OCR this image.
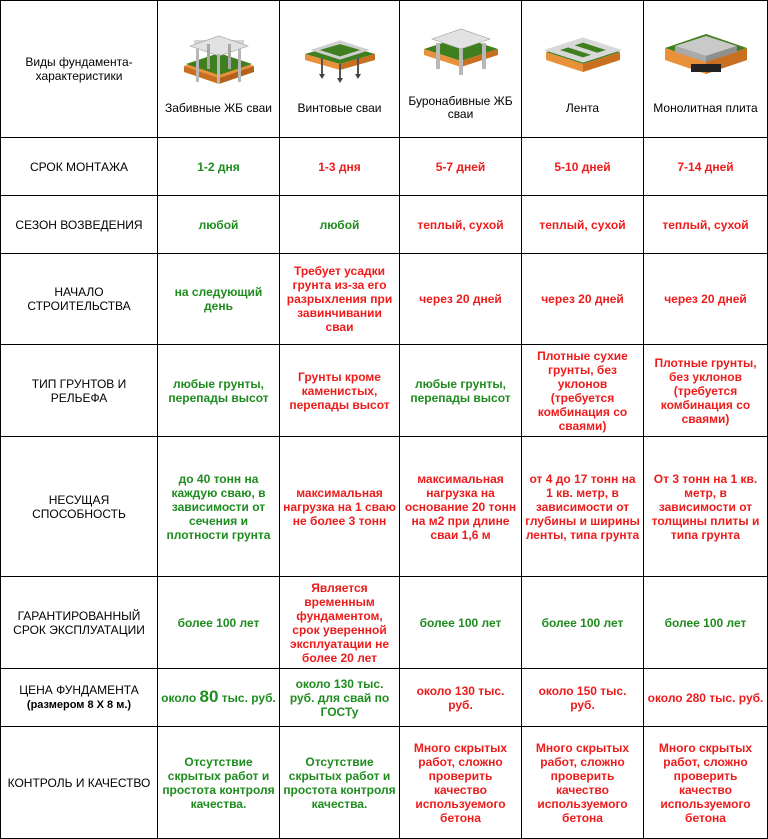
Виды фундамента-
характеристики	Забивные ЖБ сваи	Винтовые сваи	Буронабивные ЖБ сваи	Лента	Монолитная плита

СРОК МОНТАЖА	1-2 дня	1-3 дня	5-7 дней	5-10 дней	7-14 дней
СЕЗОН ВОЗВЕДЕНИЯ	любой	любой	теплый, сухой	теплый, сухой	теплый, сухой
НАЧАЛО СТРОИТЕЛЬСТВА	на следующий день	Требует усадки грунта из-за его разрыхления при завинчивании сваи	через 20 дней	через 20 дней	через 20 дней
ТИП ГРУНТОВ И РЕЛЬЕФА	любые грунты, перепады высот	Грунты кроме каменистых, перепады высот	любые грунты, перепады высот	Плотные сухие грунты, без уклонов (требуется комбинация со сваями)	Плотные грунты, без уклонов (требуется комбинация со сваями)
НЕСУЩАЯ СПОСОБНОСТЬ	до 40 тонн на каждую сваю, в зависимости от сечения и плотности грунта	максимальная нагрузка на 1 сваю не более 3 тонн	максимальная нагрузка на основание 20 тонн на м2 при длине сваи 1,6 м	от 4 до 17 тонн на 1 кв. метр, в зависимости от глубины и ширины ленты, типа грунта	От 3 тонн на 1 кв. метр, в зависимости от толщины плиты и типа грунта
ГАРАНТИРОВАННЫЙ СРОК ЭКСПЛУАТАЦИИ	более 100 лет	Является временным фундаментом, срок уверенной эксплуатации не более 20 лет	более 100 лет	более 100 лет	более 100 лет
ЦЕНА ФУНДАМЕНТА
(размером 8 Х 8 м.)	около 80 тыс. руб.	около 130 тыс. руб. для свай по ГОСТу	около 130 тыс. руб.	около 150 тыс. руб.	около 280 тыс. руб.
КОНТРОЛЬ И КАЧЕСТВО	Отсутствие скрытых работ и простота контроля качества.	Отсутствие скрытых работ и простота контроля качества.	Много скрытых работ, сложно проверить качество используемого бетона	Много скрытых работ, сложно проверить качество используемого бетона	Много скрытых работ, сложно проверить качество используемого бетона
